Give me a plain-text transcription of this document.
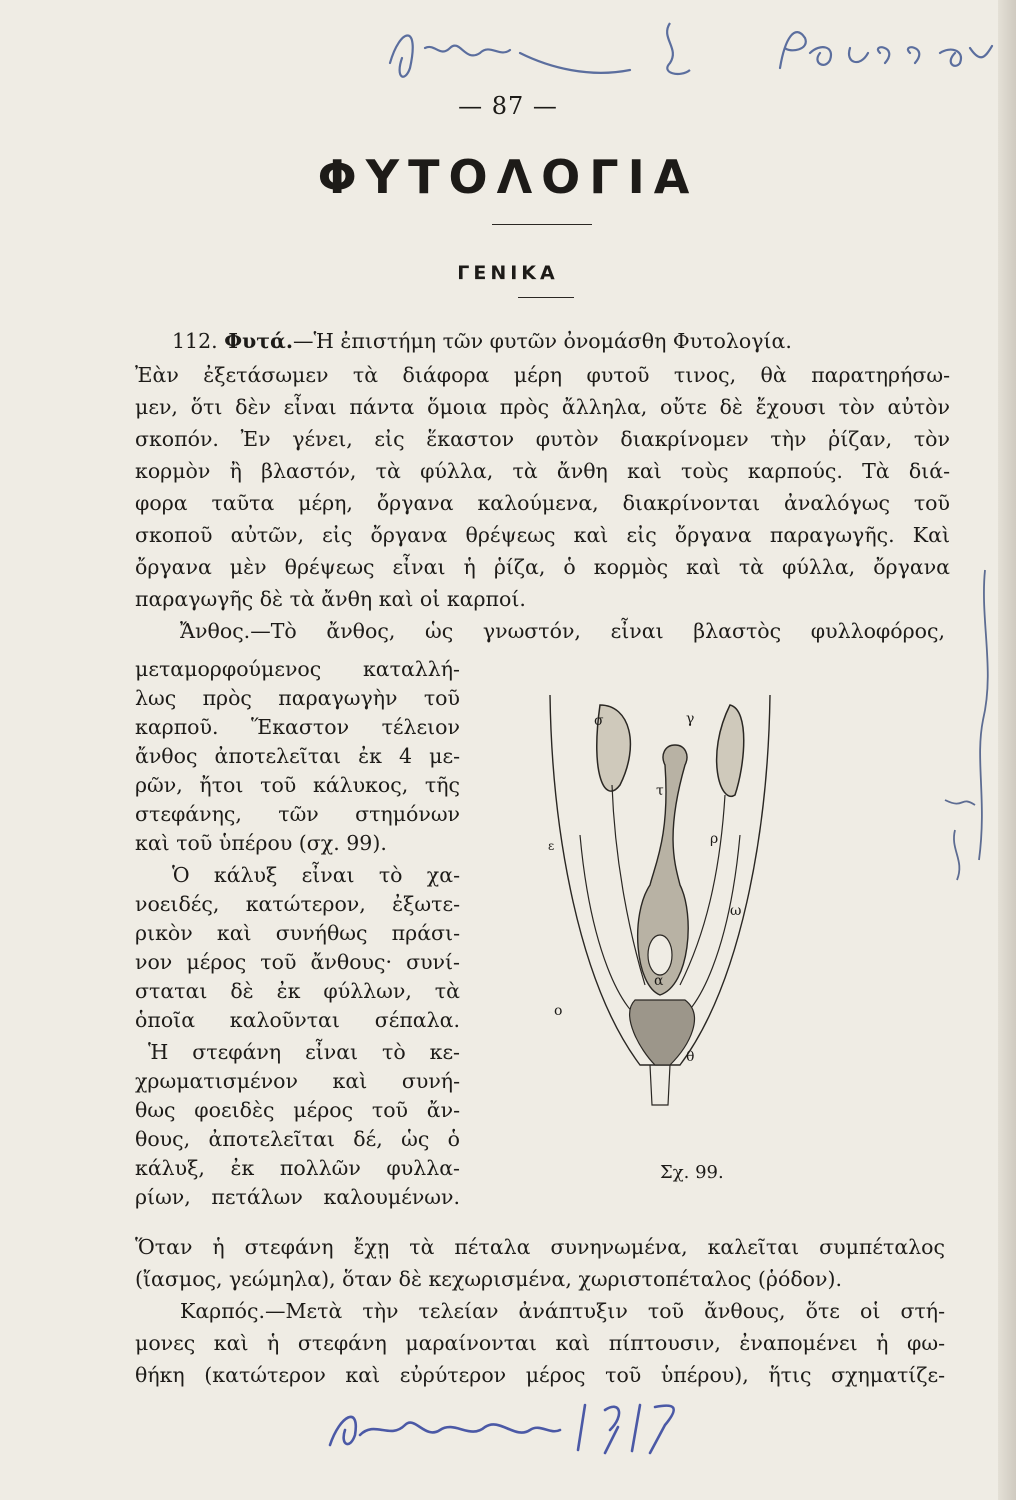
— 87 —
ΦΥΤΟΛΟΓΙΑ
ΓΕΝΙΚΑ
112. Φυτά.—Ἡ ἐπιστήμη τῶν φυτῶν ὀνομάσθη Φυτολογία.
Ἐὰν ἐξετάσωμεν τὰ διάφορα μέρη φυτοῦ τινος, θὰ παρατηρήσω-
μεν, ὅτι δὲν εἶναι πάντα ὅμοια πρὸς ἄλληλα, οὔτε δὲ ἔχουσι τὸν αὐτὸν
σκοπόν. Ἐν γένει, εἰς ἕκαστον φυτὸν διακρίνομεν τὴν ῥίζαν, τὸν
κορμὸν ἢ βλαστόν, τὰ φύλλα, τὰ ἄνθη καὶ τοὺς καρπούς. Τὰ διά-
φορα ταῦτα μέρη, ὄργανα καλούμενα, διακρίνονται ἀναλόγως τοῦ
σκοποῦ αὐτῶν, εἰς ὄργανα θρέψεως καὶ εἰς ὄργανα παραγωγῆς. Καὶ
ὄργανα μὲν θρέψεως εἶναι ἡ ῥίζα, ὁ κορμὸς καὶ τὰ φύλλα, ὄργανα
παραγωγῆς δὲ τὰ ἄνθη καὶ οἱ καρποί.
Ἄνθος.—Τὸ ἄνθος, ὡς γνωστόν, εἶναι βλαστὸς φυλλοφόρος,
μεταμορφούμενος καταλλή-
λως πρὸς παραγωγὴν τοῦ
καρποῦ. Ἕκαστον τέλειον
ἄνθος ἀποτελεῖται ἐκ 4 με-
ρῶν, ἤτοι τοῦ κάλυκος, τῆς
στεφάνης, τῶν στημόνων
καὶ τοῦ ὑπέρου (σχ. 99).
Ὁ κάλυξ εἶναι τὸ χα-
νοειδές, κατώτερον, ἐξωτε-
ρικὸν καὶ συνήθως πράσι-
νον μέρος τοῦ ἄνθους· συνί-
σταται δὲ ἐκ φύλλων, τὰ
ὁποῖα καλοῦνται σέπαλα.
Ἡ στεφάνη εἶναι τὸ κε-
χρωματισμένον καὶ συνή-
θως φοειδὲς μέρος τοῦ ἄν-
θους, ἀποτελεῖται δέ, ὡς ὁ
κάλυξ, ἐκ πολλῶν φυλλα-
ρίων, πετάλων καλουμένων.
σ	γ
τ
ρ
ω
α
θ
ο
ε
Σχ. 99.
Ὅταν ἡ στεφάνη ἔχῃ τὰ πέταλα συνηνωμένα, καλεῖται συμπέταλος
(ἴασμος, γεώμηλα), ὅταν δὲ κεχωρισμένα, χωριστοπέταλος (ῥόδον).
Καρπός.—Μετὰ τὴν τελείαν ἀνάπτυξιν τοῦ ἄνθους, ὅτε οἱ στή-
μονες καὶ ἡ στεφάνη μαραίνονται καὶ πίπτουσιν, ἐναπομένει ἡ φω-
θήκη (κατώτερον καὶ εὐρύτερον μέρος τοῦ ὑπέρου), ἥτις σχηματίζε-
